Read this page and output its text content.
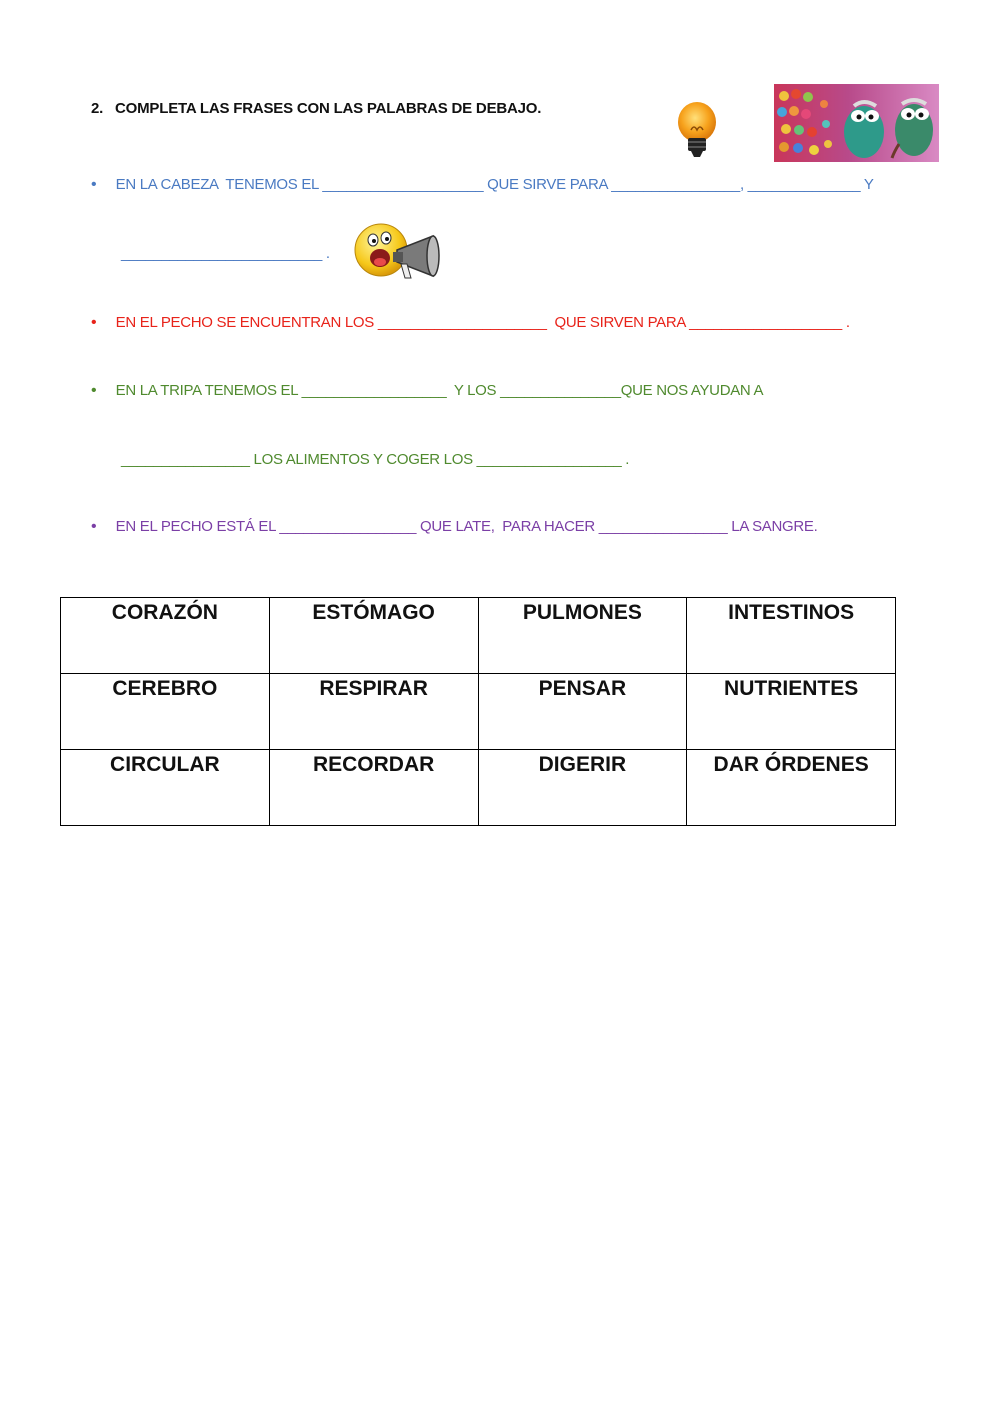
2. COMPLETA LAS FRASES CON LAS PALABRAS DE DEBAJO.
• EN LA CABEZA  TENEMOS EL ____________________ QUE SIRVE PARA ________________, ______________ Y
_________________________ .
• EN EL PECHO SE ENCUENTRAN LOS _____________________  QUE SIRVEN PARA ___________________ .
• EN LA TRIPA TENEMOS EL __________________  Y LOS _______________QUE NOS AYUDAN A
________________ LOS ALIMENTOS Y COGER LOS __________________ .
• EN EL PECHO ESTÁ EL _________________ QUE LATE,  PARA HACER ________________ LA SANGRE.
CORAZÓN	ESTÓMAGO	PULMONES	INTESTINOS
CEREBRO	RESPIRAR	PENSAR	NUTRIENTES
CIRCULAR	RECORDAR	DIGERIR	DAR ÓRDENES
